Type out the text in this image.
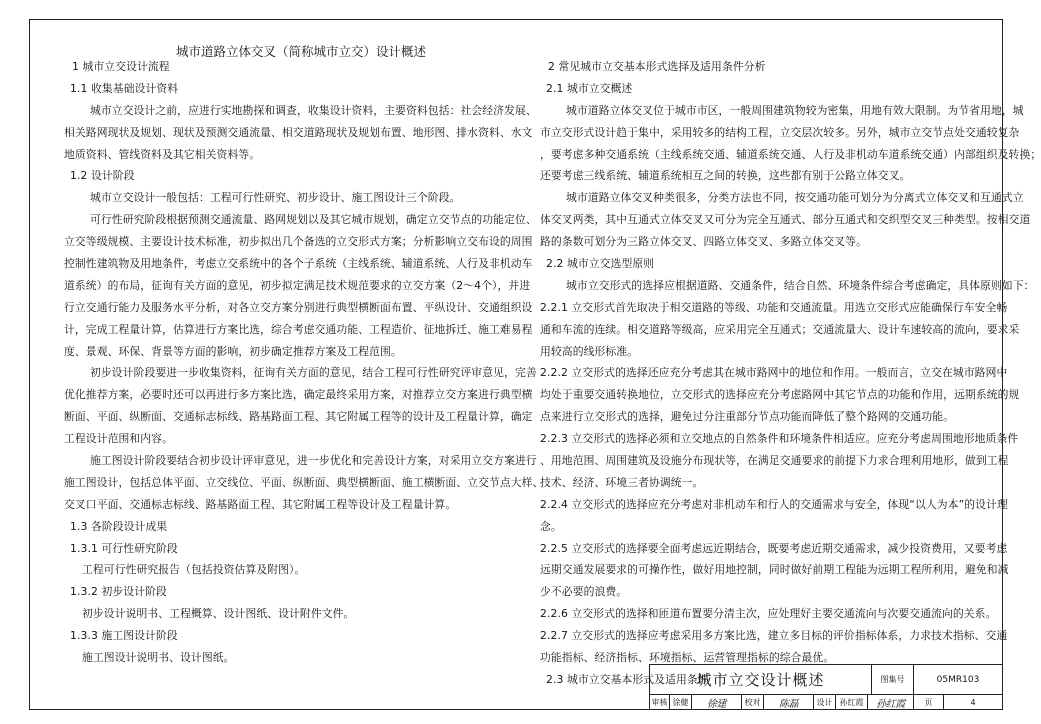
城市道路立体交叉（简称城市立交）设计概述
1 城市立交设计流程
1.1 收集基础设计资料
城市立交设计之前，应进行实地勘探和调查，收集设计资料，主要资料包括：社会经济发展、
相关路网现状及规划、现状及预测交通流量、相交道路现状及规划布置、地形图、排水资料、水文
地质资料、管线资料及其它相关资料等。
1.2 设计阶段
城市立交设计一般包括：工程可行性研究、初步设计、施工图设计三个阶段。
可行性研究阶段根据预测交通流量、路网规划以及其它城市规划，确定立交节点的功能定位、
立交等级规模、主要设计技术标准，初步拟出几个备选的立交形式方案；分析影响立交布设的周围
控制性建筑物及用地条件，考虑立交系统中的各个子系统（主线系统、辅道系统、人行及非机动车
道系统）的布局，征询有关方面的意见，初步拟定满足技术规范要求的立交方案（2～4个），并进
行立交通行能力及服务水平分析，对各立交方案分别进行典型横断面布置、平纵设计、交通组织设
计，完成工程量计算，估算进行方案比选，综合考虑交通功能、工程造价、征地拆迁、施工难易程
度、景观、环保、背景等方面的影响，初步确定推荐方案及工程范围。
初步设计阶段要进一步收集资料，征询有关方面的意见，结合工程可行性研究评审意见，完善
优化推荐方案，必要时还可以再进行多方案比选，确定最终采用方案，对推荐立交方案进行典型横
断面、平面、纵断面、交通标志标线、路基路面工程、其它附属工程等的设计及工程量计算，确定
工程设计范围和内容。
施工图设计阶段要结合初步设计评审意见，进一步优化和完善设计方案，对采用立交方案进行
施工图设计，包括总体平面、立交线位、平面、纵断面、典型横断面、施工横断面、立交节点大样、
交叉口平面、交通标志标线、路基路面工程、其它附属工程等设计及工程量计算。
1.3 各阶段设计成果
1.3.1 可行性研究阶段
工程可行性研究报告（包括投资估算及附图）。
1.3.2 初步设计阶段
初步设计说明书、工程概算、设计图纸、设计附件文件。
1.3.3 施工图设计阶段
施工图设计说明书、设计图纸。
2 常见城市立交基本形式选择及适用条件分析
2.1 城市立交概述
城市道路立体交叉位于城市市区，一般周围建筑物较为密集，用地有效大限制。为节省用地，城
市立交形式设计趋于集中，采用较多的结构工程，立交层次较多。另外，城市立交节点处交通较复杂
，要考虑多种交通系统（主线系统交通、辅道系统交通、人行及非机动车道系统交通）内部组织及转换；
还要考虑三线系统、辅道系统相互之间的转换，这些都有别于公路立体交叉。
城市道路立体交叉种类很多，分类方法也不同，按交通功能可划分为分离式立体交叉和互通式立
体交叉两类，其中互通式立体交叉又可分为完全互通式、部分互通式和交织型交叉三种类型。按相交道
路的条数可划分为三路立体交叉、四路立体交叉、多路立体交叉等。
2.2 城市立交选型原则
城市立交形式的选择应根据道路、交通条件，结合自然、环境条件综合考虑确定，具体原则如下：
2.2.1 立交形式首先取决于相交道路的等级、功能和交通流量。用选立交形式应能确保行车安全畅
通和车流的连续。相交道路等级高，应采用完全互通式；交通流量大、设计车速较高的流向，要求采
用较高的线形标准。
2.2.2 立交形式的选择还应充分考虑其在城市路网中的地位和作用。一般而言，立交在城市路网中
均处于重要交通转换地位，立交形式的选择应充分考虑路网中其它节点的功能和作用，远期系统的规
点来进行立交形式的选择，避免过分注重部分节点功能而降低了整个路网的交通功能。
2.2.3 立交形式的选择必须和立交地点的自然条件和环境条件相适应。应充分考虑周围地形地质条件
、用地范围、周围建筑及设施分布现状等，在满足交通要求的前提下力求合理利用地形，做到工程
技术、经济、环境三者协调统一。
2.2.4 立交形式的选择应充分考虑对非机动车和行人的交通需求与安全，体现“以人为本”的设计理
念。
2.2.5 立交形式的选择要全面考虑远近期结合，既要考虑近期交通需求，减少投资费用，又要考虑
远期交通发展要求的可操作性，做好用地控制，同时做好前期工程能为远期工程所利用，避免和减
少不必要的浪费。
2.2.6 立交形式的选择和匝道布置要分清主次，应处理好主要交通流向与次要交通流向的关系。
2.2.7 立交形式的选择应考虑采用多方案比选，建立多目标的评价指标体系，力求技术指标、交通
功能指标、经济指标、环境指标、运营管理指标的综合最优。
2.3 城市立交基本形式及适用条件
城市立交设计概述	图集号	05MR103
审核 徐健	徐建	校对	陈磊	设计 孙红霞	孙红霞	页	4
